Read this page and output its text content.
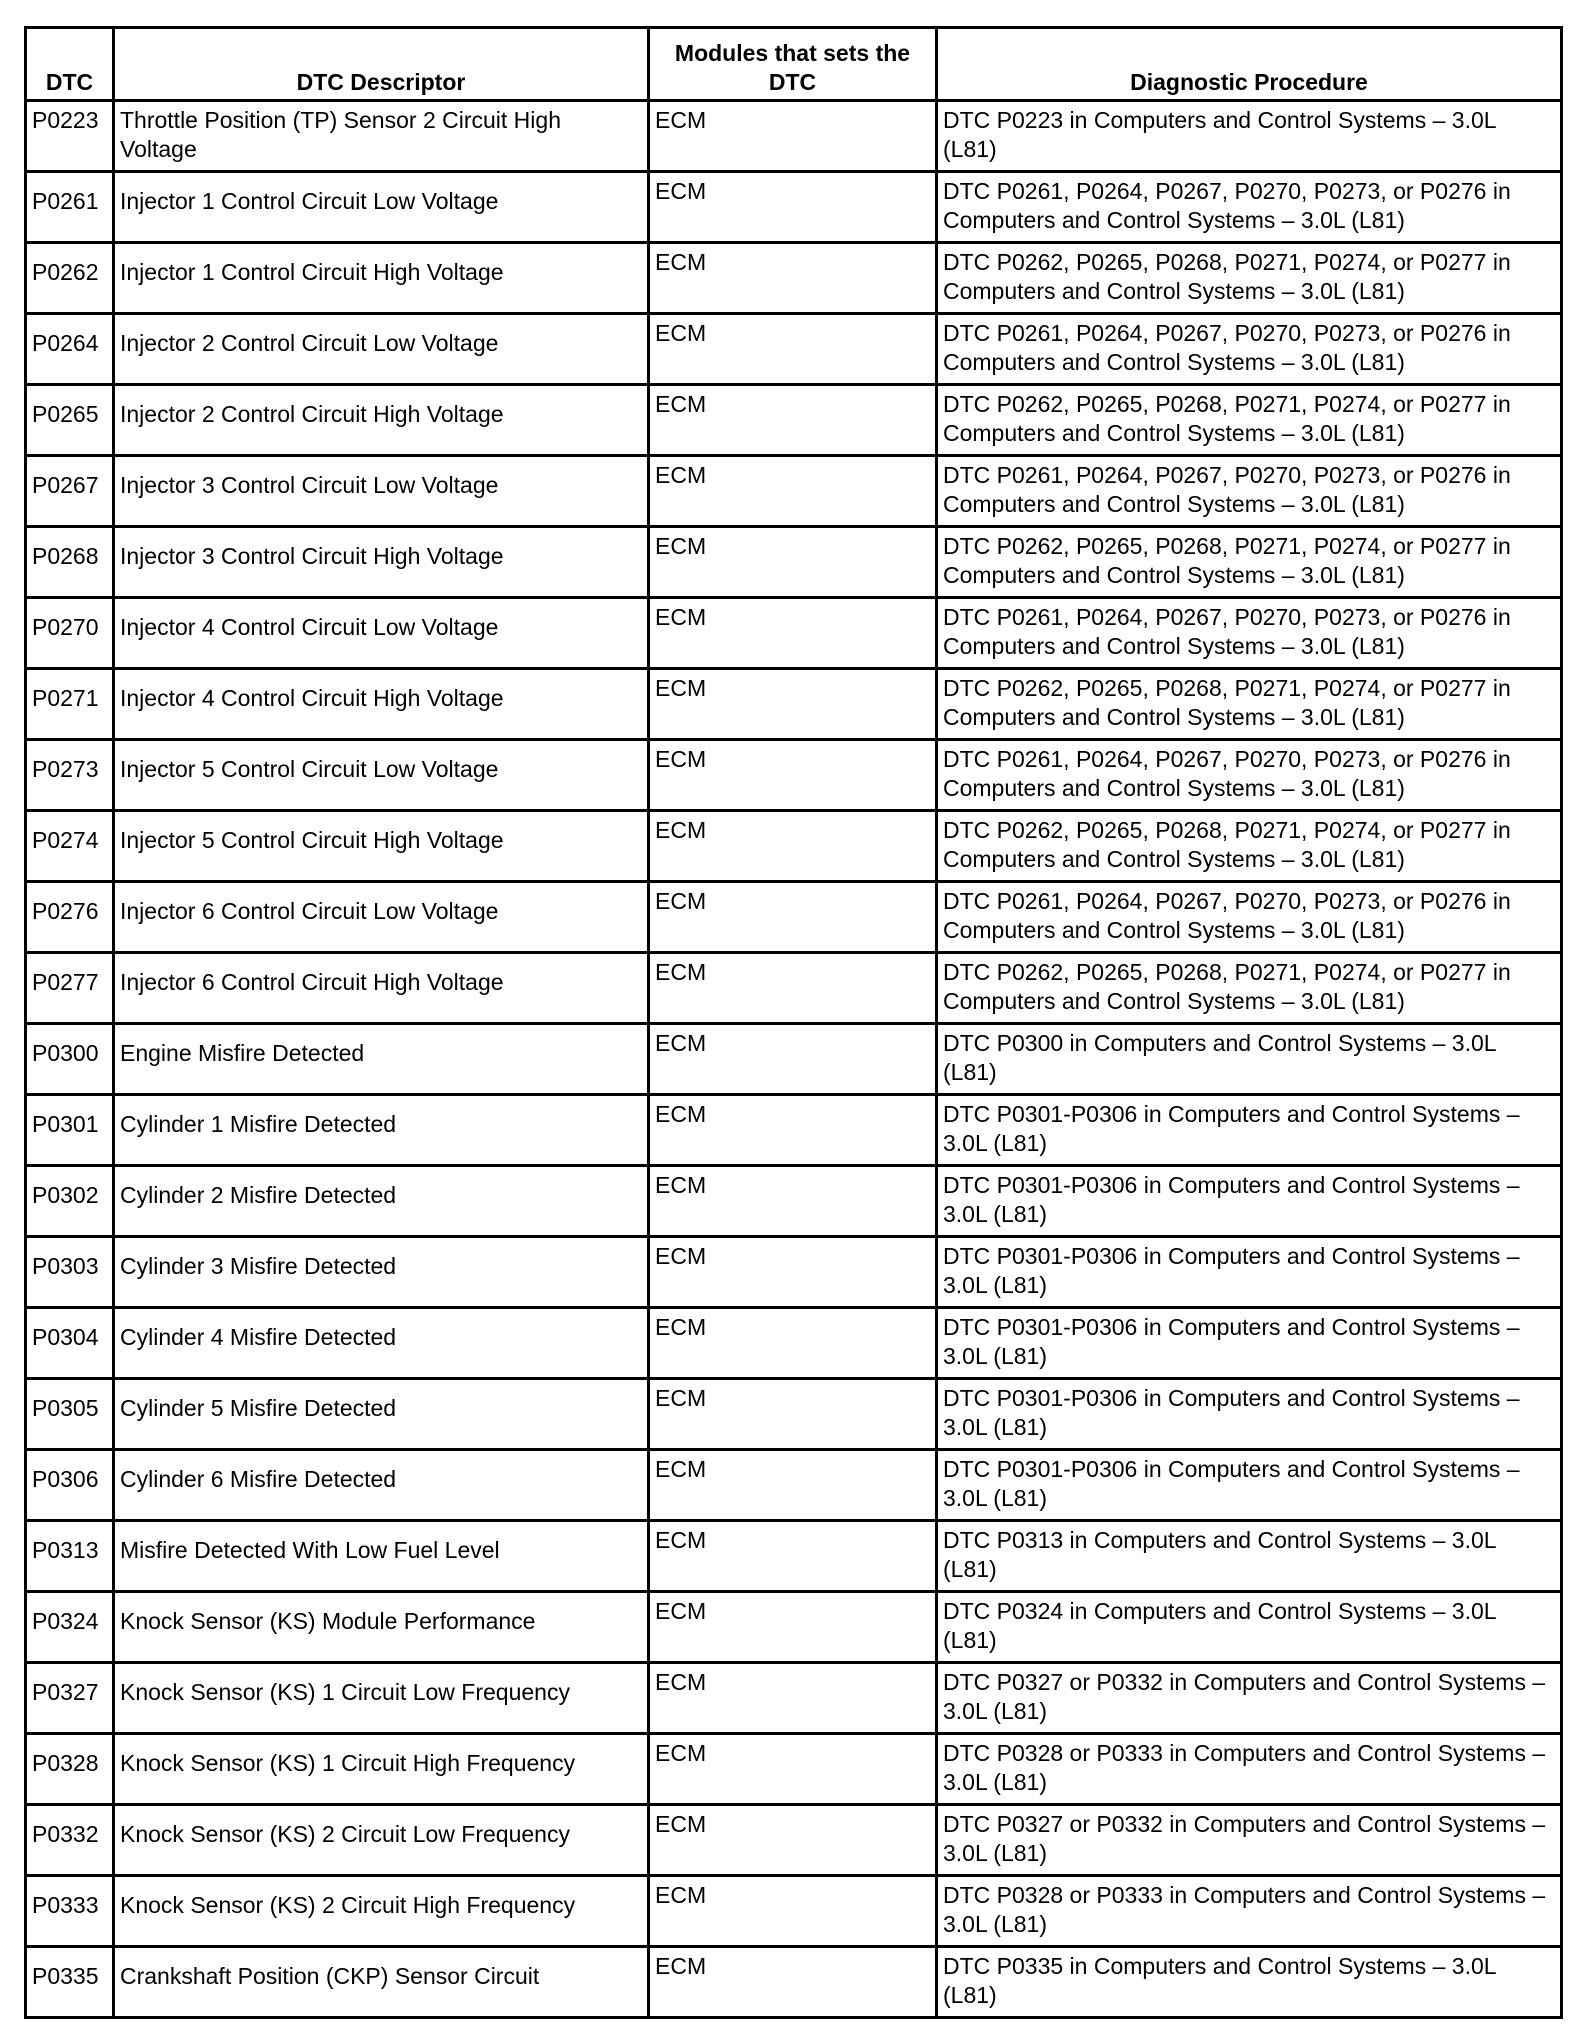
DTC	DTC Descriptor	Modules that sets the DTC	Diagnostic Procedure
P0223	Throttle Position (TP) Sensor 2 Circuit High Voltage	ECM	DTC P0223 in Computers and Control Systems – 3.0L (L81)
P0261	Injector 1 Control Circuit Low Voltage	ECM	DTC P0261, P0264, P0267, P0270, P0273, or P0276 in Computers and Control Systems – 3.0L (L81)
P0262	Injector 1 Control Circuit High Voltage	ECM	DTC P0262, P0265, P0268, P0271, P0274, or P0277 in Computers and Control Systems – 3.0L (L81)
P0264	Injector 2 Control Circuit Low Voltage	ECM	DTC P0261, P0264, P0267, P0270, P0273, or P0276 in Computers and Control Systems – 3.0L (L81)
P0265	Injector 2 Control Circuit High Voltage	ECM	DTC P0262, P0265, P0268, P0271, P0274, or P0277 in Computers and Control Systems – 3.0L (L81)
P0267	Injector 3 Control Circuit Low Voltage	ECM	DTC P0261, P0264, P0267, P0270, P0273, or P0276 in Computers and Control Systems – 3.0L (L81)
P0268	Injector 3 Control Circuit High Voltage	ECM	DTC P0262, P0265, P0268, P0271, P0274, or P0277 in Computers and Control Systems – 3.0L (L81)
P0270	Injector 4 Control Circuit Low Voltage	ECM	DTC P0261, P0264, P0267, P0270, P0273, or P0276 in Computers and Control Systems – 3.0L (L81)
P0271	Injector 4 Control Circuit High Voltage	ECM	DTC P0262, P0265, P0268, P0271, P0274, or P0277 in Computers and Control Systems – 3.0L (L81)
P0273	Injector 5 Control Circuit Low Voltage	ECM	DTC P0261, P0264, P0267, P0270, P0273, or P0276 in Computers and Control Systems – 3.0L (L81)
P0274	Injector 5 Control Circuit High Voltage	ECM	DTC P0262, P0265, P0268, P0271, P0274, or P0277 in Computers and Control Systems – 3.0L (L81)
P0276	Injector 6 Control Circuit Low Voltage	ECM	DTC P0261, P0264, P0267, P0270, P0273, or P0276 in Computers and Control Systems – 3.0L (L81)
P0277	Injector 6 Control Circuit High Voltage	ECM	DTC P0262, P0265, P0268, P0271, P0274, or P0277 in Computers and Control Systems – 3.0L (L81)
P0300	Engine Misfire Detected	ECM	DTC P0300 in Computers and Control Systems – 3.0L (L81)
P0301	Cylinder 1 Misfire Detected	ECM	DTC P0301-P0306 in Computers and Control Systems – 3.0L (L81)
P0302	Cylinder 2 Misfire Detected	ECM	DTC P0301-P0306 in Computers and Control Systems – 3.0L (L81)
P0303	Cylinder 3 Misfire Detected	ECM	DTC P0301-P0306 in Computers and Control Systems – 3.0L (L81)
P0304	Cylinder 4 Misfire Detected	ECM	DTC P0301-P0306 in Computers and Control Systems – 3.0L (L81)
P0305	Cylinder 5 Misfire Detected	ECM	DTC P0301-P0306 in Computers and Control Systems – 3.0L (L81)
P0306	Cylinder 6 Misfire Detected	ECM	DTC P0301-P0306 in Computers and Control Systems – 3.0L (L81)
P0313	Misfire Detected With Low Fuel Level	ECM	DTC P0313 in Computers and Control Systems – 3.0L (L81)
P0324	Knock Sensor (KS) Module Performance	ECM	DTC P0324 in Computers and Control Systems – 3.0L (L81)
P0327	Knock Sensor (KS) 1 Circuit Low Frequency	ECM	DTC P0327 or P0332 in Computers and Control Systems – 3.0L (L81)
P0328	Knock Sensor (KS) 1 Circuit High Frequency	ECM	DTC P0328 or P0333 in Computers and Control Systems – 3.0L (L81)
P0332	Knock Sensor (KS) 2 Circuit Low Frequency	ECM	DTC P0327 or P0332 in Computers and Control Systems – 3.0L (L81)
P0333	Knock Sensor (KS) 2 Circuit High Frequency	ECM	DTC P0328 or P0333 in Computers and Control Systems – 3.0L (L81)
P0335	Crankshaft Position (CKP) Sensor Circuit	ECM	DTC P0335 in Computers and Control Systems – 3.0L (L81)
